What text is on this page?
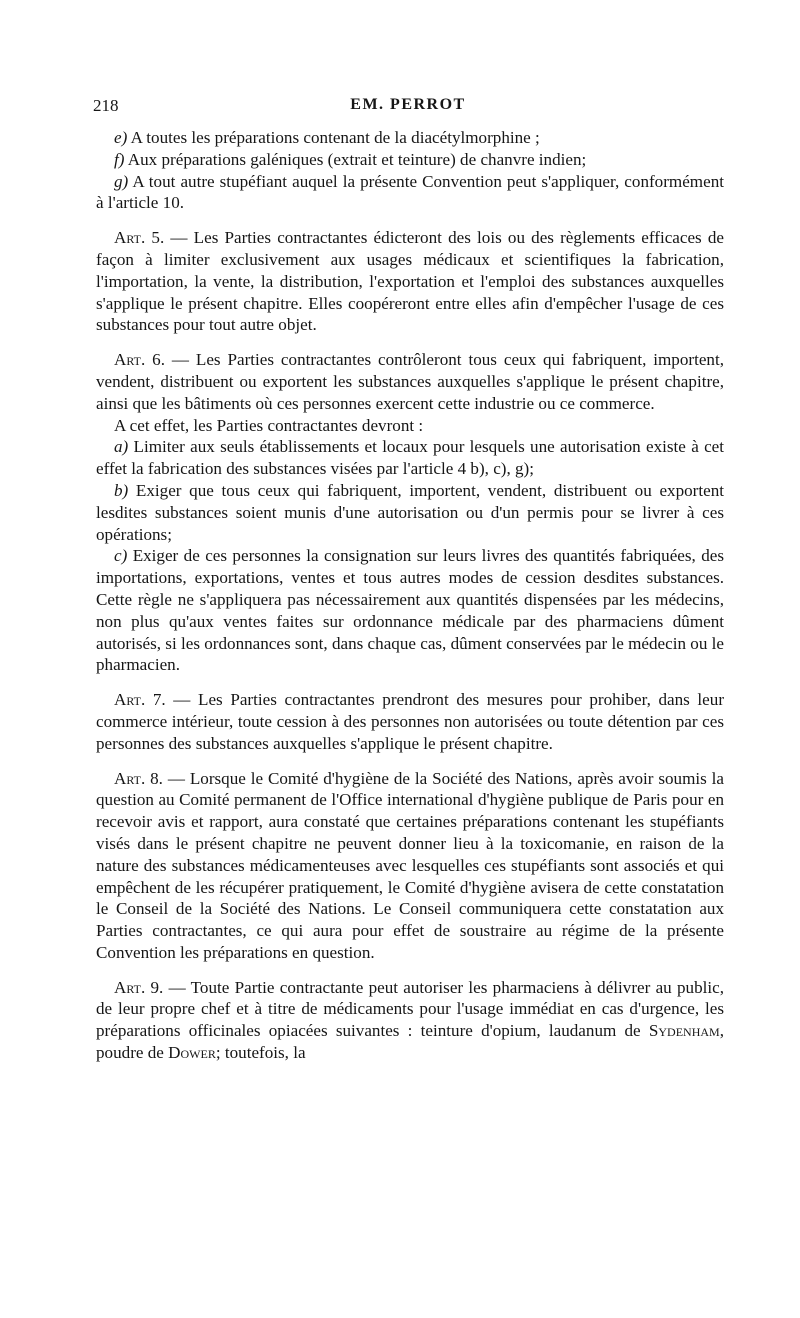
218	EM. PERROT

e) A toutes les préparations contenant de la diacétylmorphine ;

f) Aux préparations galéniques (extrait et teinture) de chanvre indien;

g) A tout autre stupéfiant auquel la présente Convention peut s'appliquer, conformément à l'article 10.

Art. 5. — Les Parties contractantes édicteront des lois ou des règlements efficaces de façon à limiter exclusivement aux usages médicaux et scientifiques la fabrication, l'importation, la vente, la distribution, l'exportation et l'emploi des substances auxquelles s'applique le présent chapitre. Elles coopéreront entre elles afin d'empêcher l'usage de ces substances pour tout autre objet.

Art. 6. — Les Parties contractantes contrôleront tous ceux qui fabriquent, importent, vendent, distribuent ou exportent les substances auxquelles s'applique le présent chapitre, ainsi que les bâtiments où ces personnes exercent cette industrie ou ce commerce.

A cet effet, les Parties contractantes devront :

a) Limiter aux seuls établissements et locaux pour lesquels une autorisation existe à cet effet la fabrication des substances visées par l'article 4 b), c), g);

b) Exiger que tous ceux qui fabriquent, importent, vendent, distribuent ou exportent lesdites substances soient munis d'une autorisation ou d'un permis pour se livrer à ces opérations;

c) Exiger de ces personnes la consignation sur leurs livres des quantités fabriquées, des importations, exportations, ventes et tous autres modes de cession desdites substances. Cette règle ne s'appliquera pas nécessairement aux quantités dispensées par les médecins, non plus qu'aux ventes faites sur ordonnance médicale par des pharmaciens dûment autorisés, si les ordonnances sont, dans chaque cas, dûment conservées par le médecin ou le pharmacien.

Art. 7. — Les Parties contractantes prendront des mesures pour prohiber, dans leur commerce intérieur, toute cession à des personnes non autorisées ou toute détention par ces personnes des substances auxquelles s'applique le présent chapitre.

Art. 8. — Lorsque le Comité d'hygiène de la Société des Nations, après avoir soumis la question au Comité permanent de l'Office international d'hygiène publique de Paris pour en recevoir avis et rapport, aura constaté que certaines préparations contenant les stupéfiants visés dans le présent chapitre ne peuvent donner lieu à la toxicomanie, en raison de la nature des substances médicamenteuses avec lesquelles ces stupéfiants sont associés et qui empêchent de les récupérer pratiquement, le Comité d'hygiène avisera de cette constatation le Conseil de la Société des Nations. Le Conseil communiquera cette constatation aux Parties contractantes, ce qui aura pour effet de soustraire au régime de la présente Convention les préparations en question.

Art. 9. — Toute Partie contractante peut autoriser les pharmaciens à délivrer au public, de leur propre chef et à titre de médicaments pour l'usage immédiat en cas d'urgence, les préparations officinales opiacées suivantes : teinture d'opium, laudanum de Sydenham, poudre de Dower; toutefois, la
